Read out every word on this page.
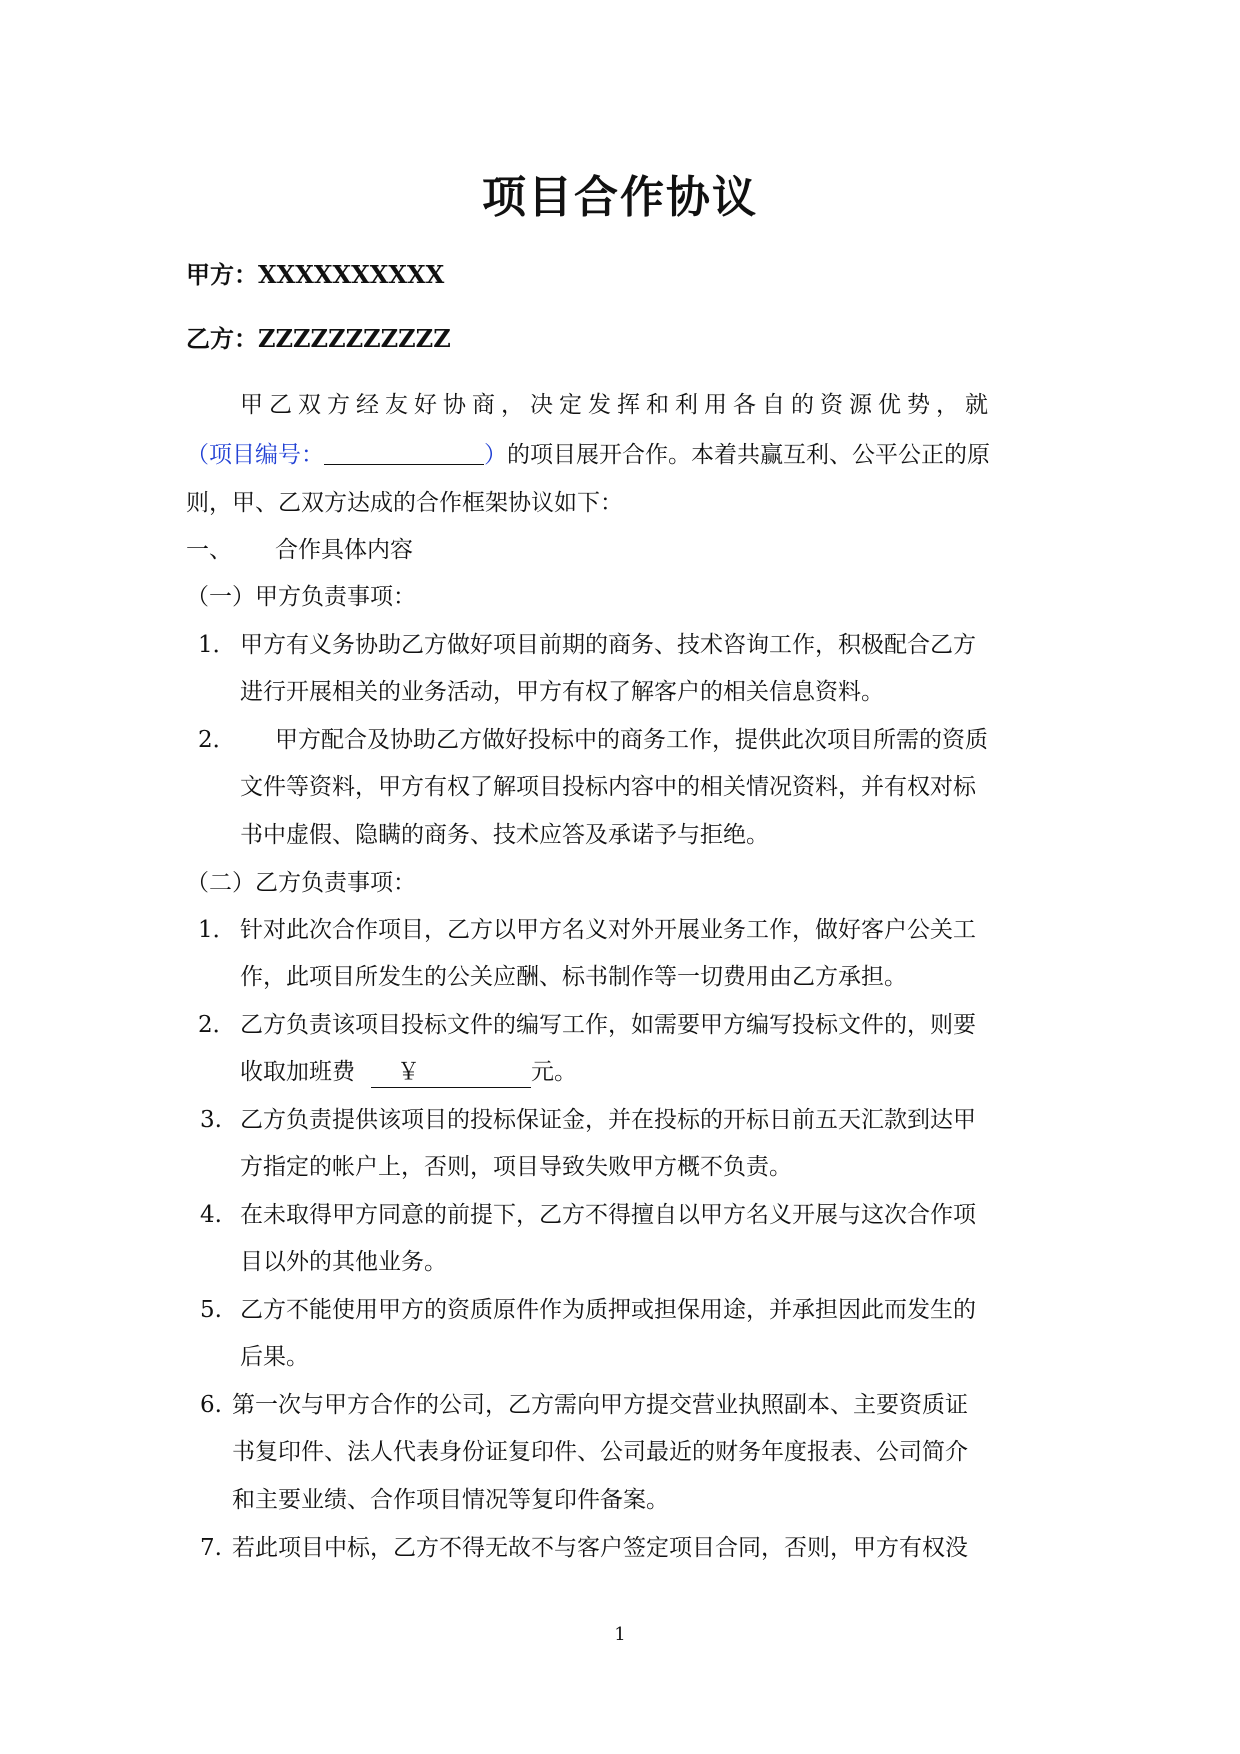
项目合作协议
甲方：XXXXXXXXXX
乙方：ZZZZZZZZZZZ
甲乙双方经友好协商，决定发挥和利用各自的资源优势，就
（项目编号：	）的项目展开合作。本着共赢互利、公平公正的原
则，甲、乙双方达成的合作框架协议如下：
一、 合作具体内容
（一）甲方负责事项：
1． 甲方有义务协助乙方做好项目前期的商务、技术咨询工作，积极配合乙方
进行开展相关的业务活动，甲方有权了解客户的相关信息资料。
2． 甲方配合及协助乙方做好投标中的商务工作，提供此次项目所需的资质
文件等资料，甲方有权了解项目投标内容中的相关情况资料，并有权对标
书中虚假、隐瞒的商务、技术应答及承诺予与拒绝。
（二）乙方负责事项：
1． 针对此次合作项目，乙方以甲方名义对外开展业务工作，做好客户公关工
作，此项目所发生的公关应酬、标书制作等一切费用由乙方承担。
2． 乙方负责该项目投标文件的编写工作，如需要甲方编写投标文件的，则要
收取加班费 ￥	元。
3. 乙方负责提供该项目的投标保证金，并在投标的开标日前五天汇款到达甲
方指定的帐户上，否则，项目导致失败甲方概不负责。
4. 在未取得甲方同意的前提下，乙方不得擅自以甲方名义开展与这次合作项
目以外的其他业务。
5. 乙方不能使用甲方的资质原件作为质押或担保用途，并承担因此而发生的
后果。
6. 第一次与甲方合作的公司，乙方需向甲方提交营业执照副本、主要资质证
书复印件、法人代表身份证复印件、公司最近的财务年度报表、公司简介
和主要业绩、合作项目情况等复印件备案。
7. 若此项目中标，乙方不得无故不与客户签定项目合同，否则，甲方有权没
1
